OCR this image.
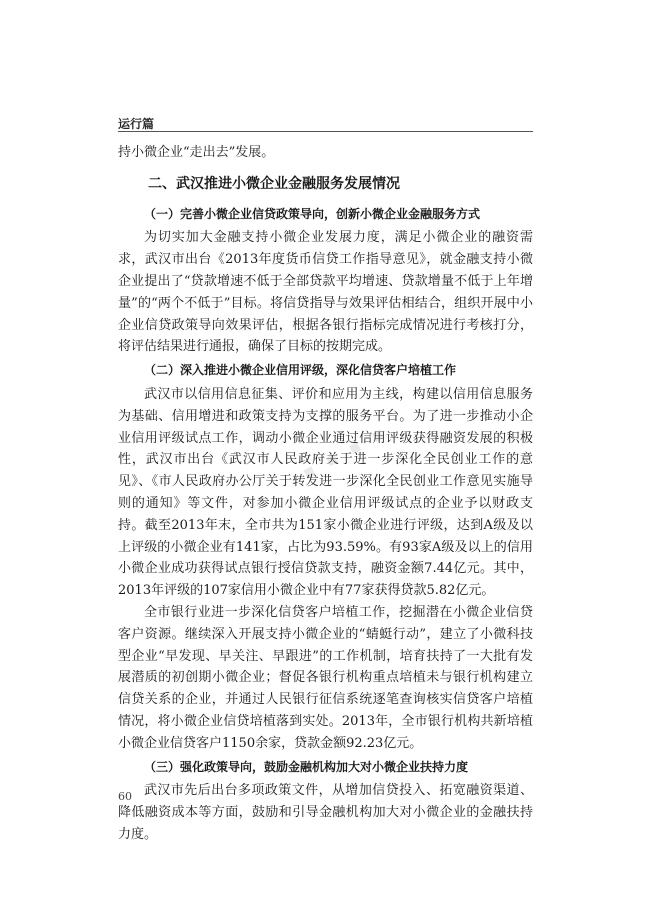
▪ ▪ ▪ ▪
运行篇

持小微企业“走出去”发展。

二、武汉推进小微企业金融服务发展情况
（一）完善小微企业信贷政策导向，创新小微企业金融服务方式

为切实加大金融支持小微企业发展力度，满足小微企业的融资需求，武汉市出台《2013年度货币信贷工作指导意见》，就金融支持小微企业提出了“贷款增速不低于全部贷款平均增速、贷款增量不低于上年增量”的“两个不低于”目标。将信贷指导与效果评估相结合，组织开展中小企业信贷政策导向效果评估，根据各银行指标完成情况进行考核打分，将评估结果进行通报，确保了目标的按期完成。

（二）深入推进小微企业信用评级，深化信贷客户培植工作

武汉市以信用信息征集、评价和应用为主线，构建以信用信息服务为基础、信用增进和政策支持为支撑的服务平台。为了进一步推动小企业信用评级试点工作，调动小微企业通过信用评级获得融资发展的积极性，武汉市出台《武汉市人民政府关于进一步深化全民创业工作的意见》、《市人民政府办公厅关于转发进一步深化全民创业工作意见实施导则的通知》等文件，对参加小微企业信用评级试点的企业予以财政支持。截至2013年末，全市共为151家小微企业进行评级，达到A级及以上评级的小微企业有141家，占比为93.59%。有93家A级及以上的信用小微企业成功获得试点银行授信贷款支持，融资金额7.44亿元。其中，2013年评级的107家信用小微企业中有77家获得贷款5.82亿元。

全市银行业进一步深化信贷客户培植工作，挖掘潜在小微企业信贷客户资源。继续深入开展支持小微企业的“蜻蜓行动”，建立了小微科技型企业“早发现、早关注、早跟进”的工作机制，培育扶持了一大批有发展潜质的初创期小微企业；督促各银行机构重点培植未与银行机构建立信贷关系的企业，并通过人民银行征信系统逐笔查询核实信贷客户培植情况，将小微企业信贷培植落到实处。2013年，全市银行机构共新培植小微企业信贷客户1150余家，贷款金额92.23亿元。

（三）强化政策导向，鼓励金融机构加大对小微企业扶持力度

武汉市先后出台多项政策文件，从增加信贷投入、拓宽融资渠道、降低融资成本等方面，鼓励和引导金融机构加大对小微企业的金融扶持力度。

60
